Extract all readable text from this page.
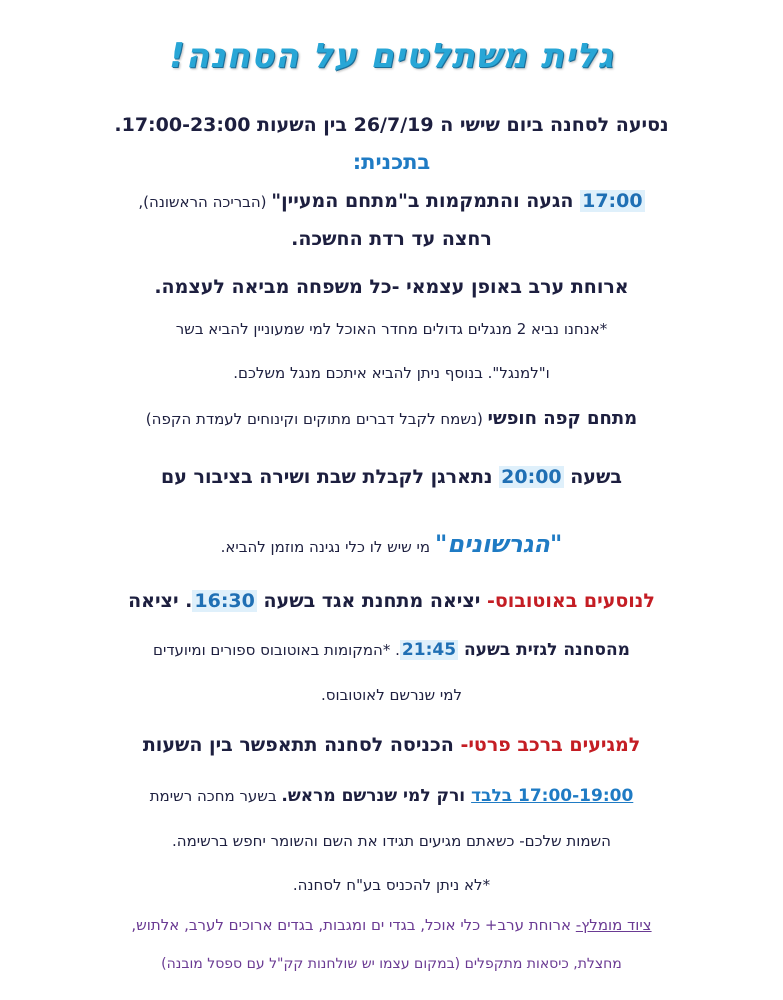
גלית משתלטים על הסחנה!
נסיעה לסחנה ביום שישי ה 26/7/19 בין השעות 17:00-23:00.
בתכנית:
17:00 הגעה והתמקמות ב"מתחם המעיין" (הבריכה הראשונה),
רחצה עד רדת החשכה.
ארוחת ערב באופן עצמאי -כל משפחה מביאה לעצמה.
*אנחנו נביא 2 מנגלים גדולים מחדר האוכל למי שמעוניין להביא בשר
ו"למנגל". בנוסף ניתן להביא איתכם מנגל משלכם.
מתחם קפה חופשי (נשמח לקבל דברים מתוקים וקינוחים לעמדת הקפה)
בשעה 20:00 נתארגן לקבלת שבת ושירה בציבור עם
"הגרשונים" מי שיש לו כלי נגינה מוזמן להביא.
לנוסעים באוטובוס- יציאה מתחנת אגד בשעה 16:30. יציאה
מהסחנה לגזית בשעה 21:45. *המקומות באוטובוס ספורים ומיועדים
למי שנרשם לאוטובוס.
למגיעים ברכב פרטי- הכניסה לסחנה תתאפשר בין השעות
17:00-19:00 בלבד ורק למי שנרשם מראש. בשער מחכה רשימת
השמות שלכם- כשאתם מגיעים תגידו את השם והשומר יחפש ברשימה.
*לא ניתן להכניס בע"ח לסחנה.
ציוד מומלץ- ארוחת ערב+ כלי אוכל, בגדי ים ומגבות, בגדים ארוכים לערב, אלתוש,
מחצלת, כיסאות מתקפלים (במקום עצמו יש שולחנות קק"ל עם ספסל מובנה)
